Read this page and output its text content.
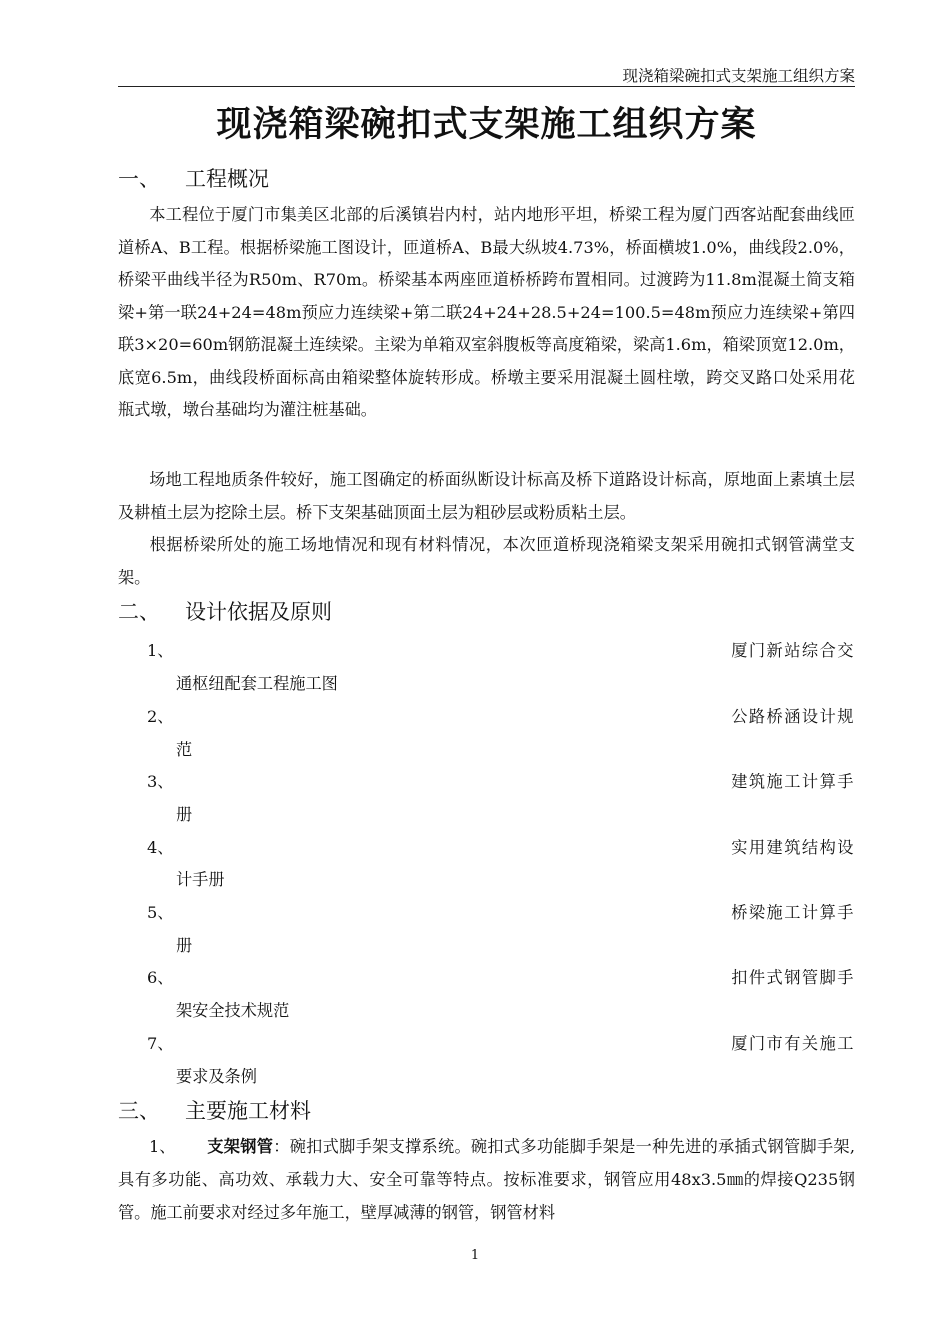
现浇箱梁碗扣式支架施工组织方案
现浇箱梁碗扣式支架施工组织方案
一、 工程概况
本工程位于厦门市集美区北部的后溪镇岩内村，站内地形平坦，桥梁工程为厦门西客站配套曲线匝道桥A、B工程。根据桥梁施工图设计，匝道桥A、B最大纵坡4.73%，桥面横坡1.0%，曲线段2.0%，桥梁平曲线半径为R50m、R70m。桥梁基本两座匝道桥桥跨布置相同。过渡跨为11.8m混凝土简支箱梁+第一联24+24=48m预应力连续梁+第二联24+24+28.5+24=100.5=48m预应力连续梁+第四联3×20=60m钢筋混凝土连续梁。主梁为单箱双室斜腹板等高度箱梁，梁高1.6m，箱梁顶宽12.0m，底宽6.5m，曲线段桥面标高由箱梁整体旋转形成。桥墩主要采用混凝土圆柱墩，跨交叉路口处采用花瓶式墩，墩台基础均为灌注桩基础。
场地工程地质条件较好，施工图确定的桥面纵断设计标高及桥下道路设计标高，原地面上素填土层及耕植土层为挖除土层。桥下支架基础顶面土层为粗砂层或粉质粘土层。
根据桥梁所处的施工场地情况和现有材料情况，本次匝道桥现浇箱梁支架采用碗扣式钢管满堂支架。
二、 设计依据及原则
1、	厦门新站综合交
通枢纽配套工程施工图
2、	公路桥涵设计规
范
3、	建筑施工计算手
册
4、	实用建筑结构设
计手册
5、	桥梁施工计算手
册
6、	扣件式钢管脚手
架安全技术规范
7、	厦门市有关施工
要求及条例
三、 主要施工材料
1、 支架钢管：碗扣式脚手架支撑系统。碗扣式多功能脚手架是一种先进的承插式钢管脚手架,具有多功能、高功效、承载力大、安全可靠等特点。按标准要求，钢管应用48x3.5㎜的焊接Q235钢管。施工前要求对经过多年施工，壁厚减薄的钢管，钢管材料
1
